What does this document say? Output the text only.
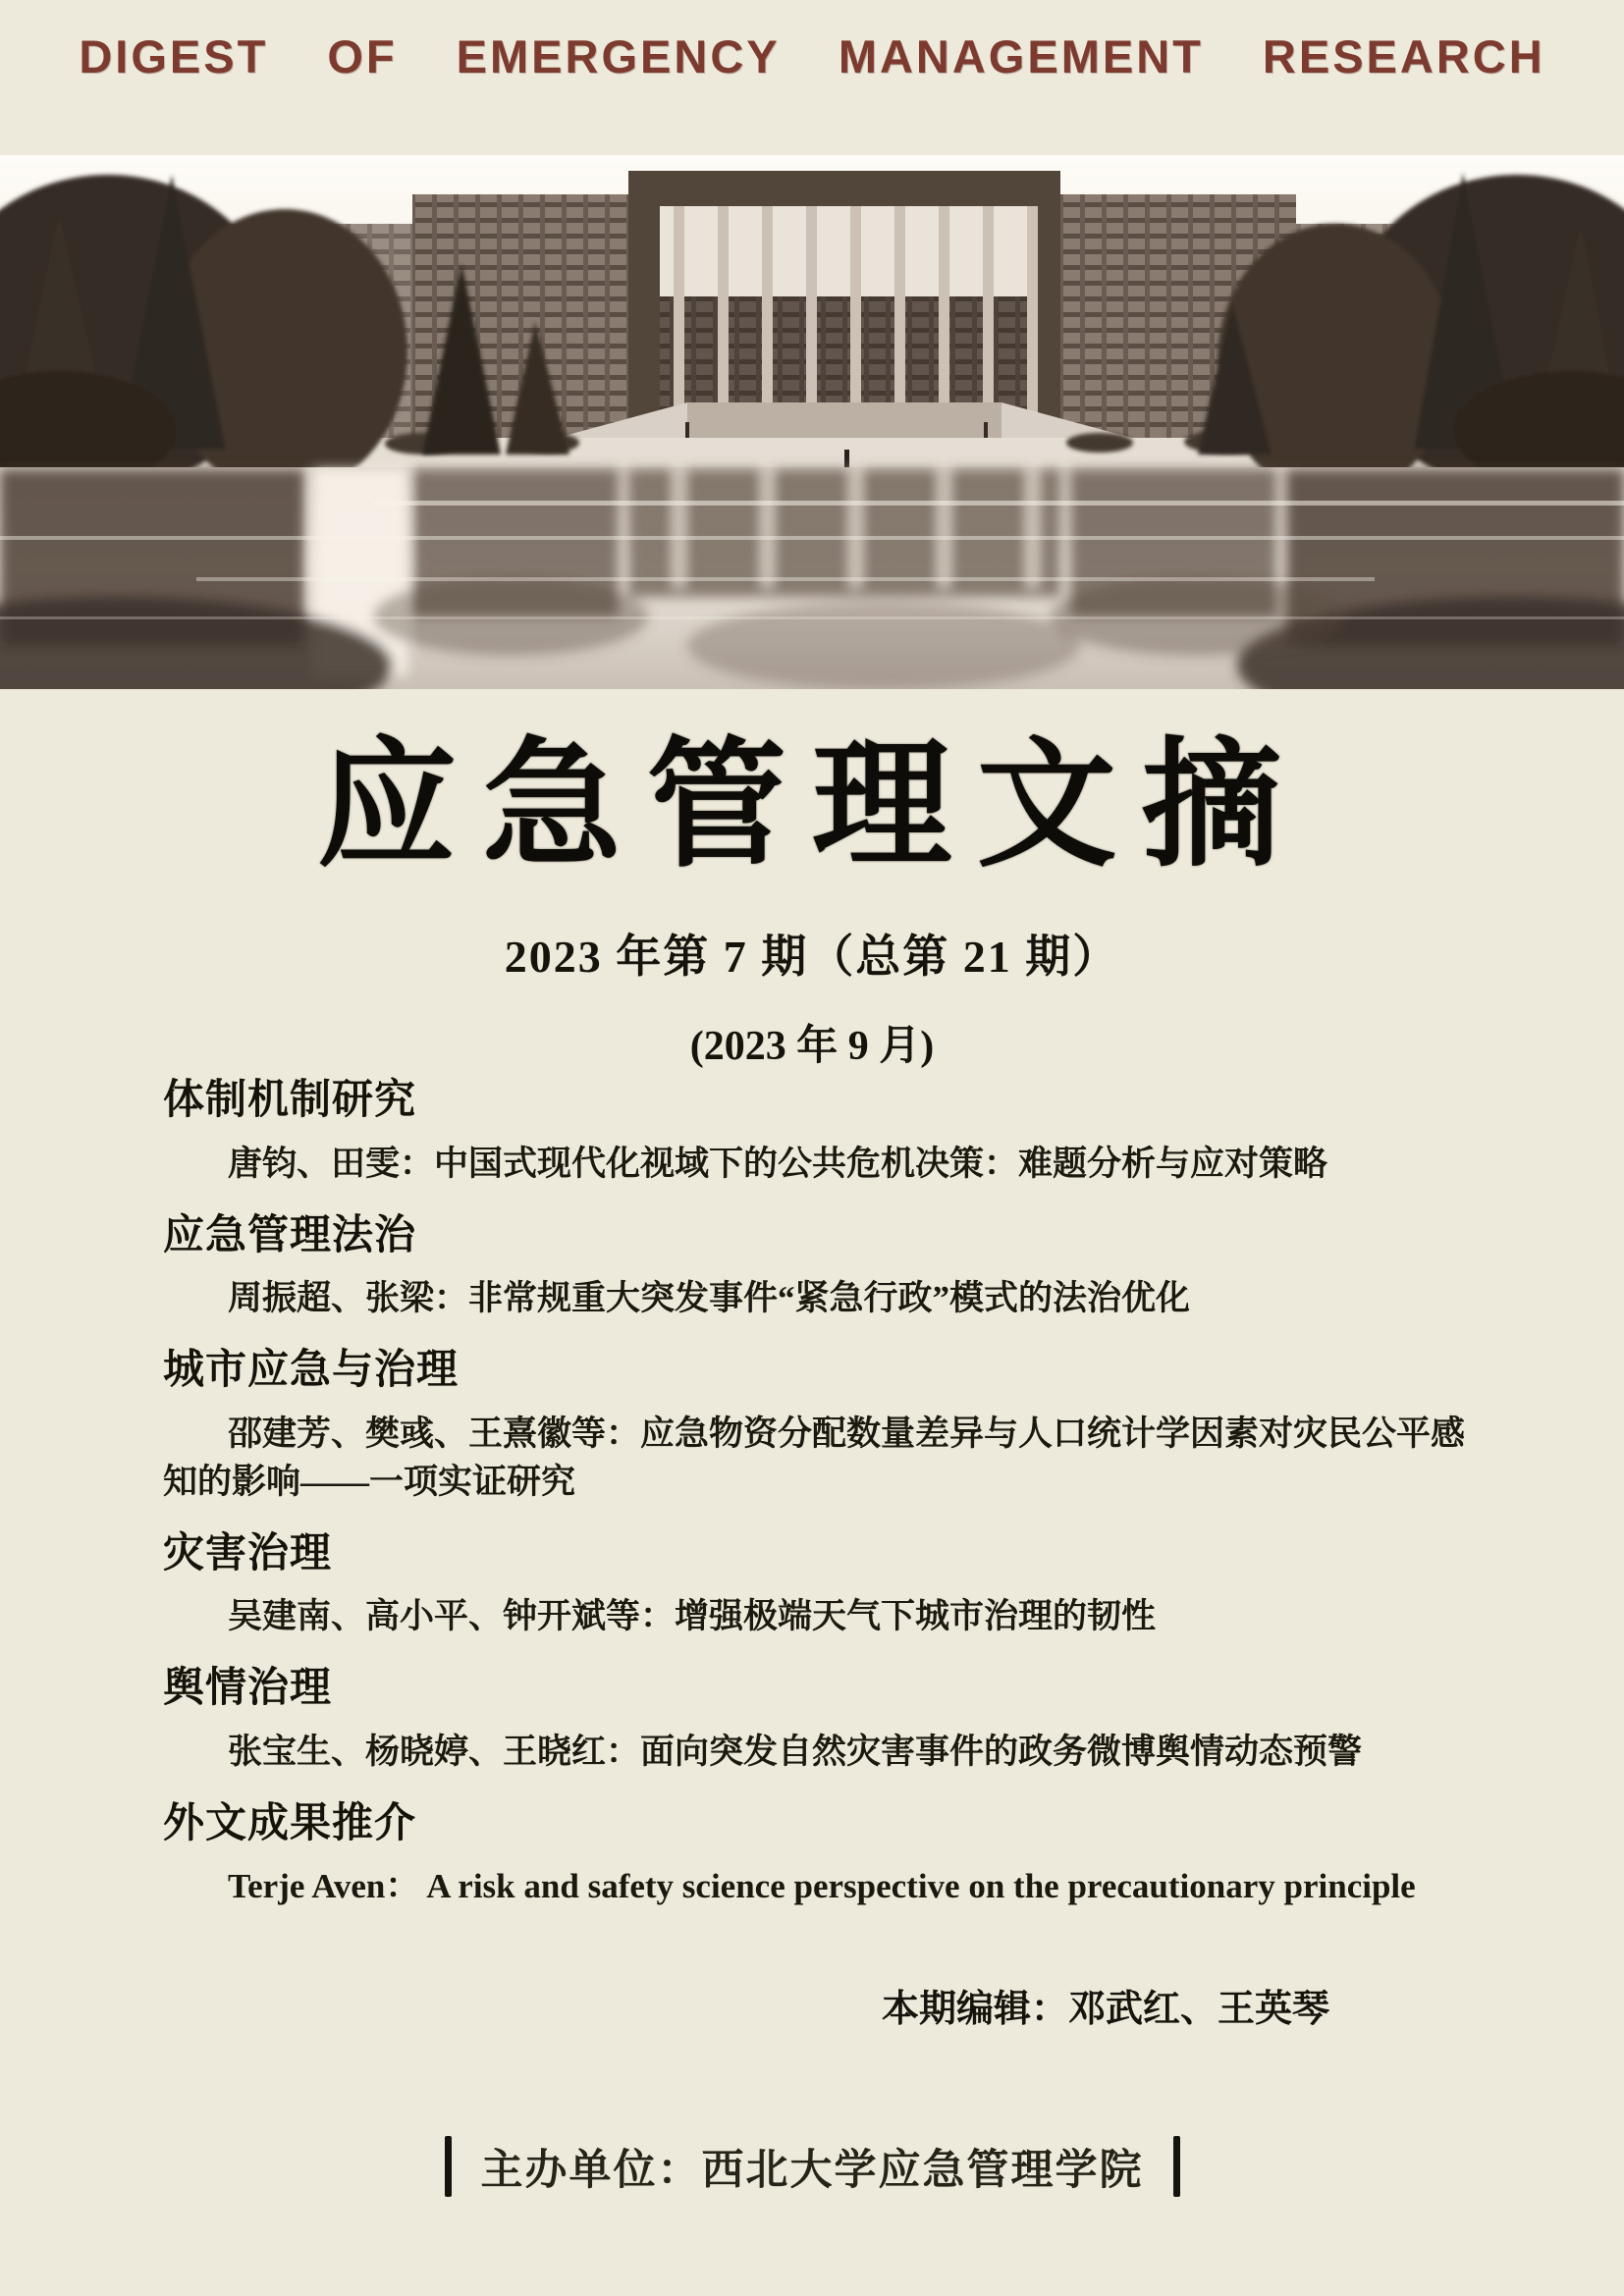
DIGEST OF EMERGENCY MANAGEMENT RESEARCH
应急管理文摘
2023 年第 7 期（总第 21 期）
(2023 年 9 月)
体制机制研究

唐钧、田雯：中国式现代化视域下的公共危机决策：难题分析与应对策略

应急管理法治

周振超、张梁：非常规重大突发事件“紧急行政”模式的法治优化

城市应急与治理

邵建芳、樊彧、王熹徽等：应急物资分配数量差异与人口统计学因素对灾民公平感知的影响——一项实证研究

灾害治理

吴建南、高小平、钟开斌等：增强极端天气下城市治理的韧性

舆情治理

张宝生、杨晓婷、王晓红：面向突发自然灾害事件的政务微博舆情动态预警

外文成果推介

Terje Aven： A risk and safety science perspective on the precautionary principle

本期编辑：邓武红、王英琴
主办单位：西北大学应急管理学院
